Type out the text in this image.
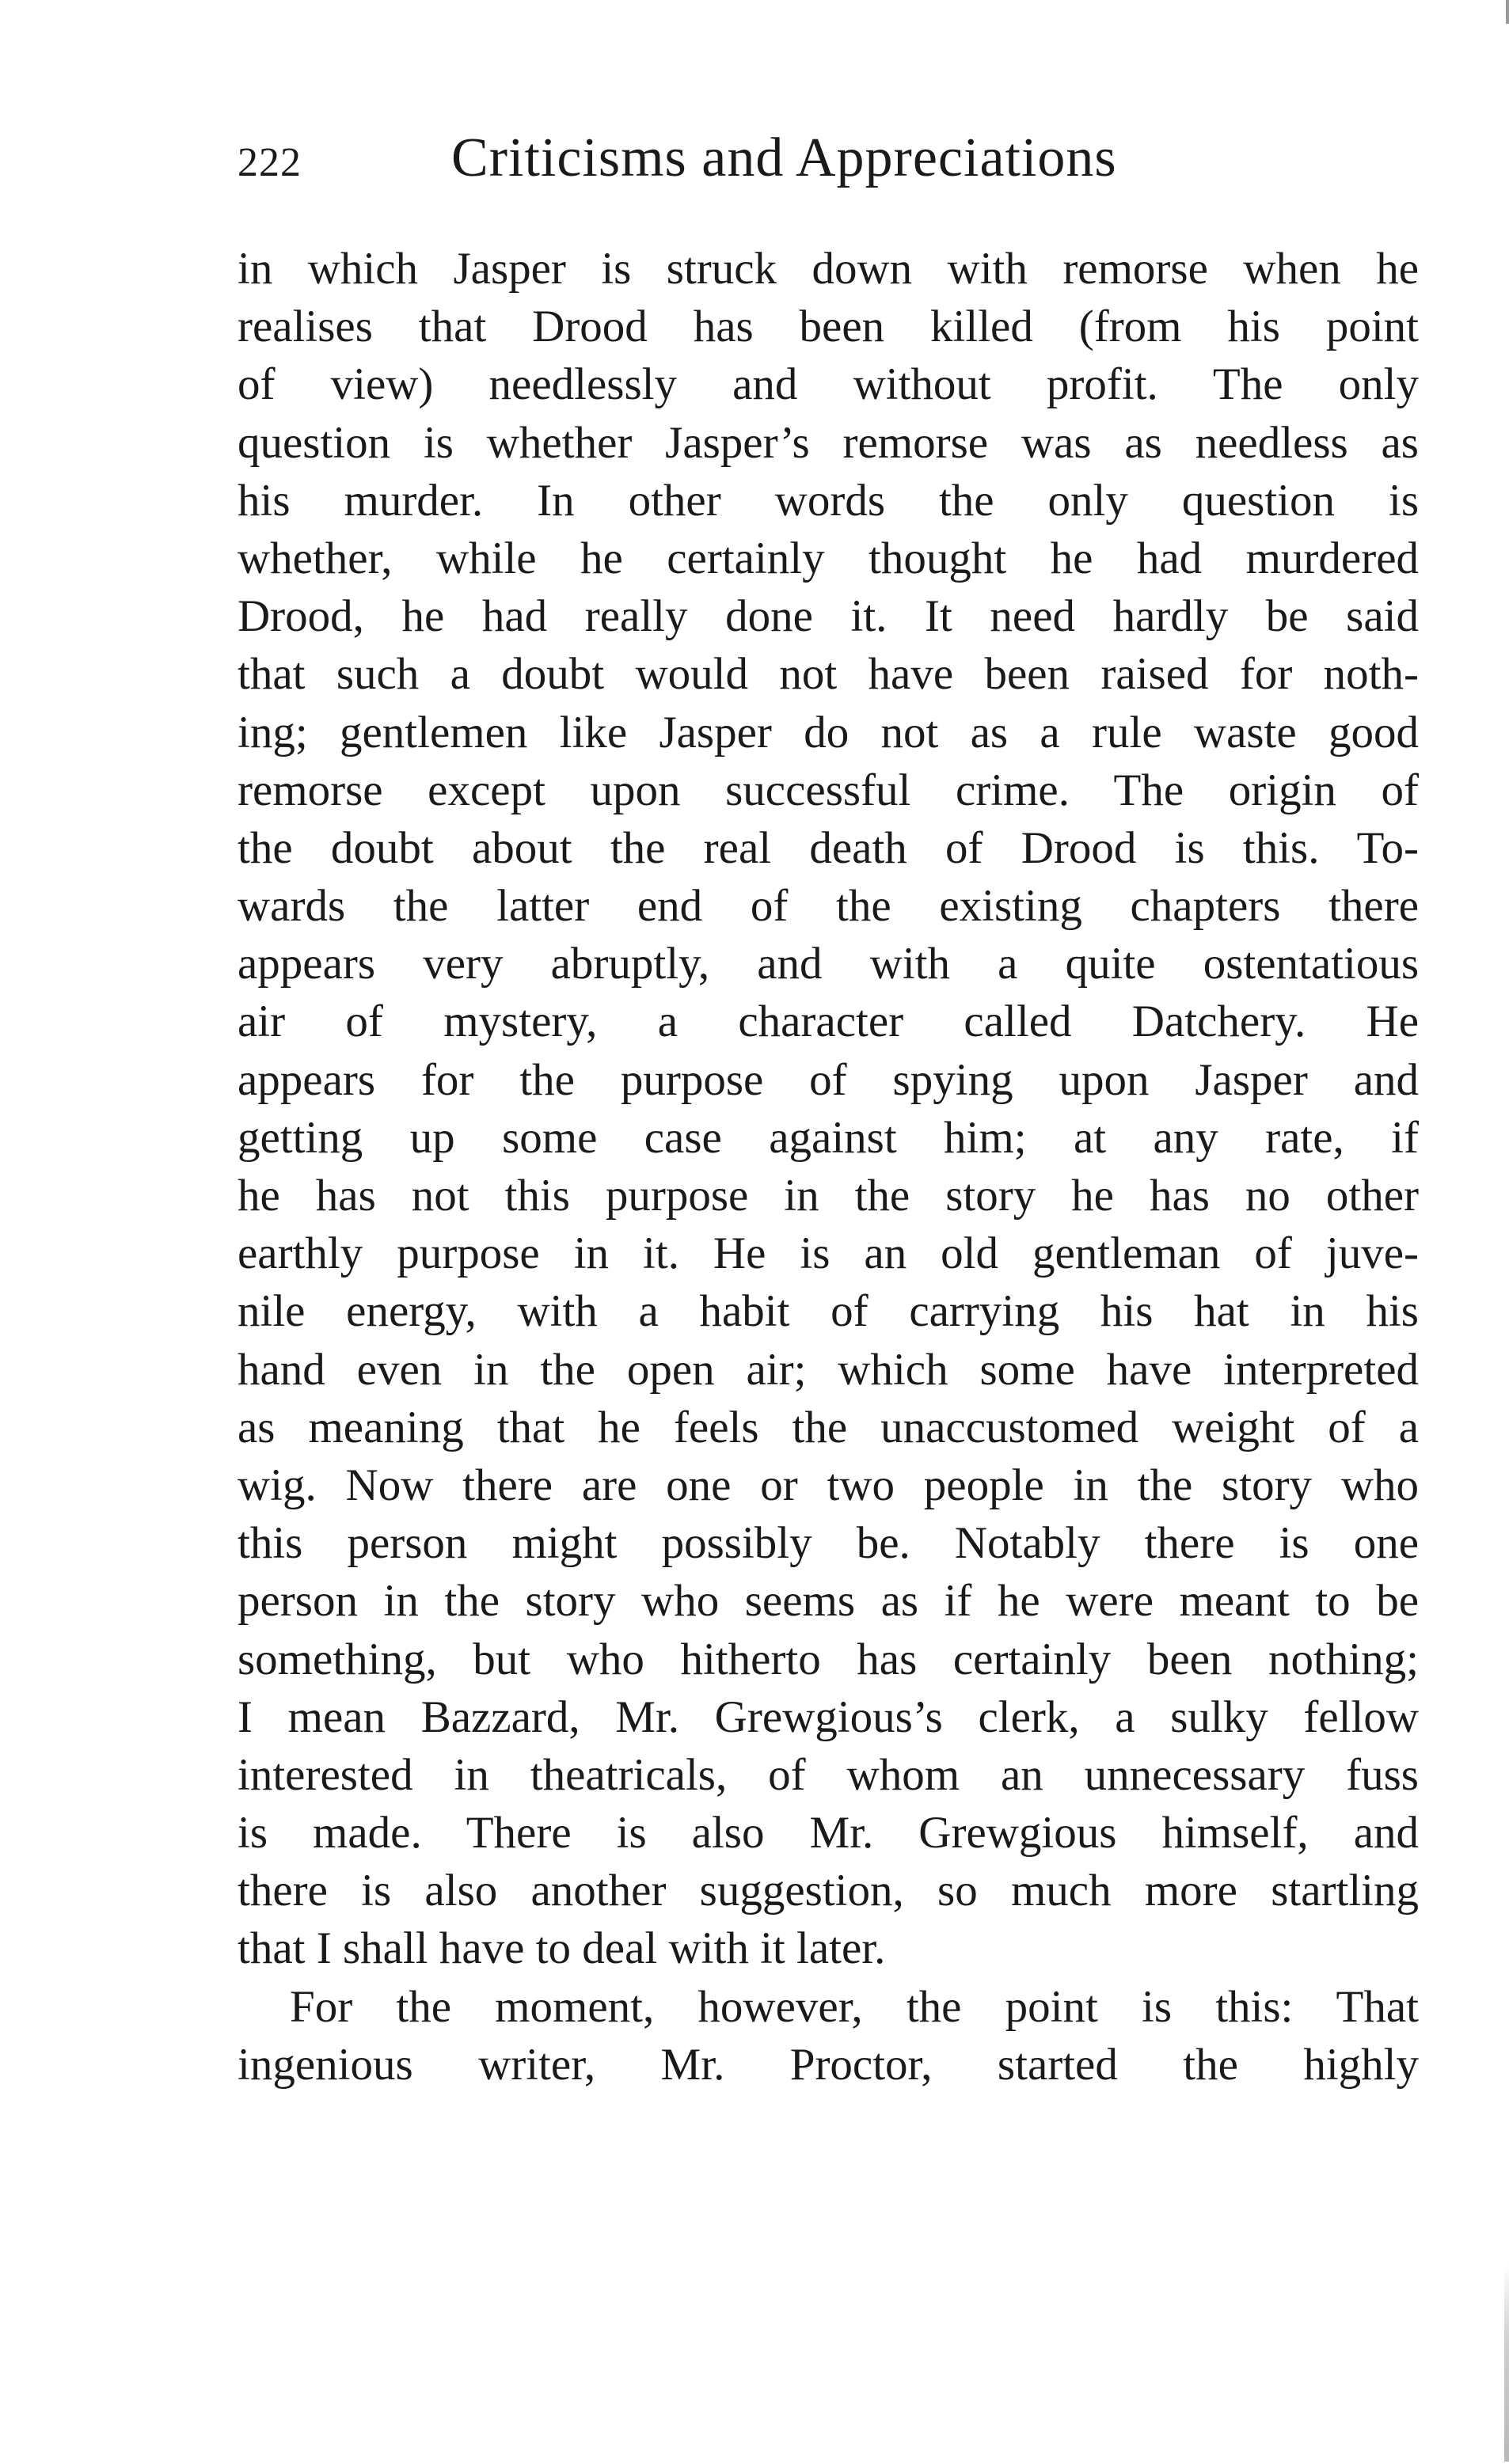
222	Criticisms and Appreciations
in which Jasper is struck down with remorse when he
realises that Drood has been killed (from his point
of view) needlessly and without profit. The only
question is whether Jasper’s remorse was as needless as
his murder. In other words the only question is
whether, while he certainly thought he had murdered
Drood, he had really done it. It need hardly be said
that such a doubt would not have been raised for noth-
ing; gentlemen like Jasper do not as a rule waste good
remorse except upon successful crime. The origin of
the doubt about the real death of Drood is this. To-
wards the latter end of the existing chapters there
appears very abruptly, and with a quite ostentatious
air of mystery, a character called Datchery. He
appears for the purpose of spying upon Jasper and
getting up some case against him; at any rate, if
he has not this purpose in the story he has no other
earthly purpose in it. He is an old gentleman of juve-
nile energy, with a habit of carrying his hat in his
hand even in the open air; which some have interpreted
as meaning that he feels the unaccustomed weight of a
wig. Now there are one or two people in the story who
this person might possibly be. Notably there is one
person in the story who seems as if he were meant to be
something, but who hitherto has certainly been nothing;
I mean Bazzard, Mr. Grewgious’s clerk, a sulky fellow
interested in theatricals, of whom an unnecessary fuss
is made. There is also Mr. Grewgious himself, and
there is also another suggestion, so much more startling
that I shall have to deal with it later.
For the moment, however, the point is this: That
ingenious writer, Mr. Proctor, started the highly
